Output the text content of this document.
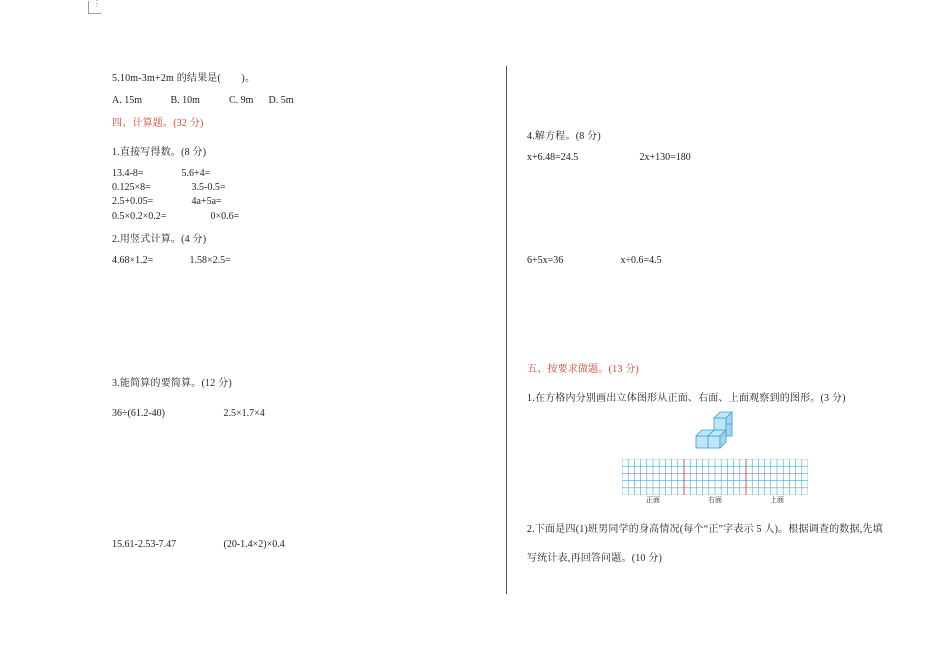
⋮
5.10m-3m+2m 的结果是(　　)。
A. 15m	B. 10m	C. 9m D. 5m
四、计算题。(32 分)
1.直接写得数。(8 分)
13.4-8=	5.6+4=
0.125×8=	3.5-0.5=
2.5+0.05=	4a+5a=
0.5×0.2×0.2=	0×0.6=
2.用竖式计算。(4 分)
4.68×1.2=	1.58×2.5=
3.能简算的要简算。(12 分)
36÷(61.2-40)	2.5×1.7×4
15.61-2.53-7.47	(20-1.4×2)×0.4
4.解方程。(8 分)
x+6.48=24.5	2x+130=180
6+5x=36	x÷0.6=4.5
五、按要求做题。(13 分)
1.在方格内分别画出立体图形从正面、右面、上面观察到的图形。(3 分)
正面	右面	上面
2.下面是四(1)班男同学的身高情况(每个“正”字表示 5 人)。根据调查的数据,先填
写统计表,再回答问题。(10 分)
